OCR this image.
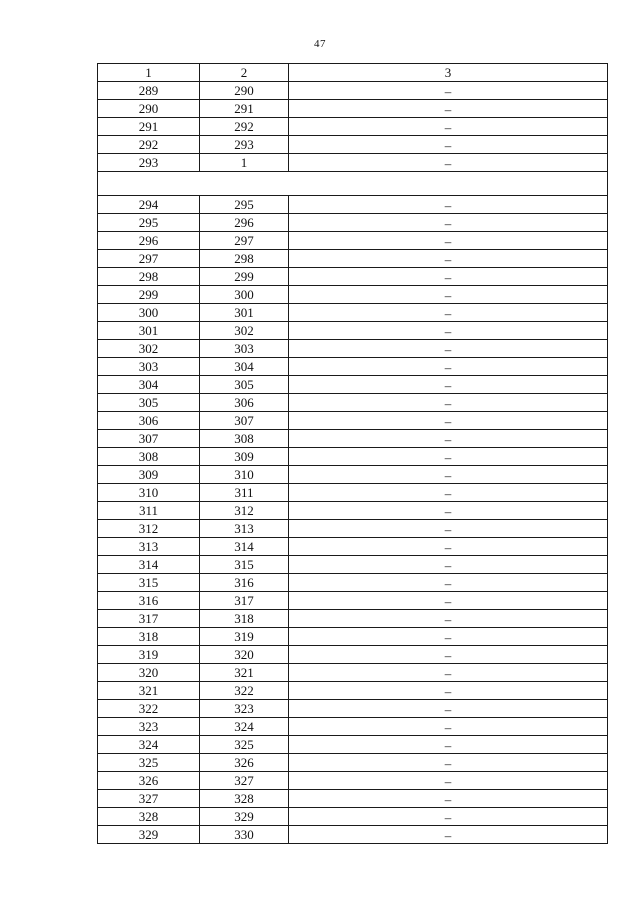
47
1	2	3
289	290	–
290	291	–
291	292	–
292	293	–
293	1	–

294	295	–
295	296	–
296	297	–
297	298	–
298	299	–
299	300	–
300	301	–
301	302	–
302	303	–
303	304	–
304	305	–
305	306	–
306	307	–
307	308	–
308	309	–
309	310	–
310	311	–
311	312	–
312	313	–
313	314	–
314	315	–
315	316	–
316	317	–
317	318	–
318	319	–
319	320	–
320	321	–
321	322	–
322	323	–
323	324	–
324	325	–
325	326	–
326	327	–
327	328	–
328	329	–
329	330	–
